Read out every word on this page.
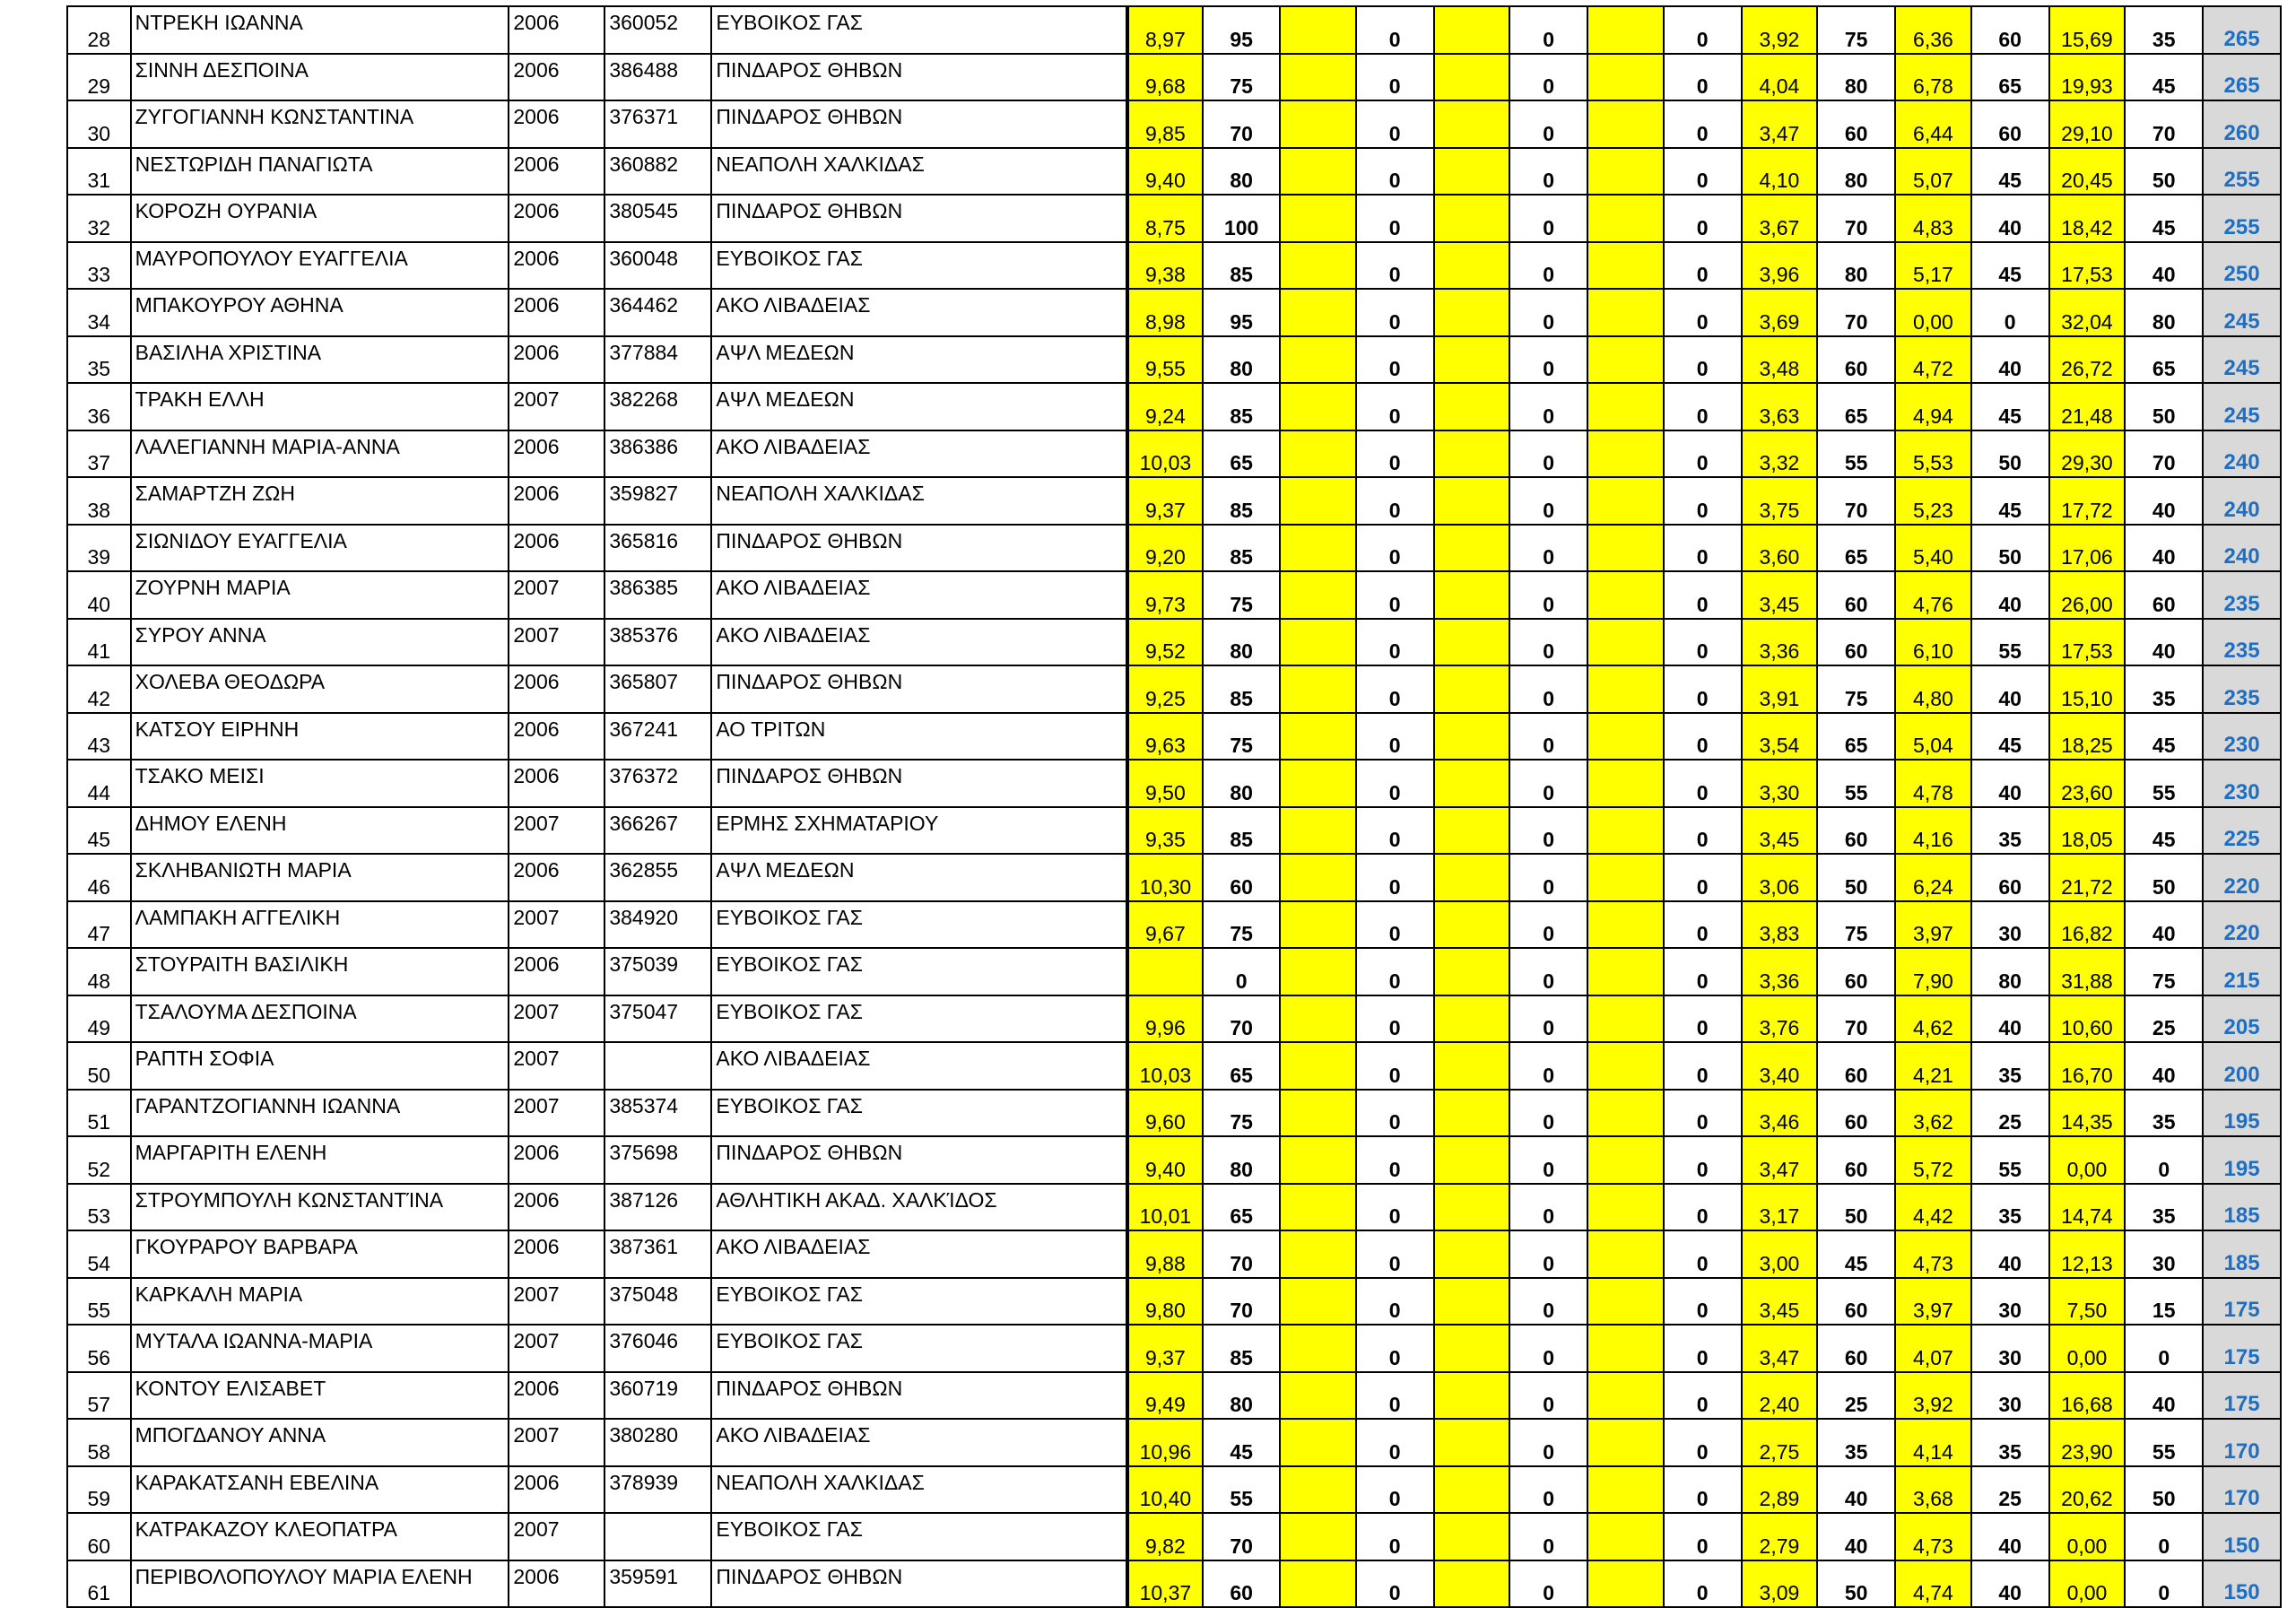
28	ΝΤΡΕΚΗ ΙΩΑΝΝΑ	2006	360052	ΕΥΒΟΙΚΟΣ ΓΑΣ	8,97	95		0		0		0	3,92	75	6,36	60	15,69	35	265
29	ΣΙΝΝΗ ΔΕΣΠΟΙΝΑ	2006	386488	ΠΙΝΔΑΡΟΣ ΘΗΒΩΝ	9,68	75		0		0		0	4,04	80	6,78	65	19,93	45	265
30	ΖΥΓΟΓΙΑΝΝΗ ΚΩΝΣΤΑΝΤΙΝΑ	2006	376371	ΠΙΝΔΑΡΟΣ ΘΗΒΩΝ	9,85	70		0		0		0	3,47	60	6,44	60	29,10	70	260
31	ΝΕΣΤΩΡΙΔΗ ΠΑΝΑΓΙΩΤΑ	2006	360882	ΝΕΑΠΟΛΗ ΧΑΛΚΙΔΑΣ	9,40	80		0		0		0	4,10	80	5,07	45	20,45	50	255
32	ΚΟΡΟΖΗ ΟΥΡΑΝΙΑ	2006	380545	ΠΙΝΔΑΡΟΣ ΘΗΒΩΝ	8,75	100		0		0		0	3,67	70	4,83	40	18,42	45	255
33	ΜΑΥΡΟΠΟΥΛΟΥ ΕΥΑΓΓΕΛΙΑ	2006	360048	ΕΥΒΟΙΚΟΣ ΓΑΣ	9,38	85		0		0		0	3,96	80	5,17	45	17,53	40	250
34	ΜΠΑΚΟΥΡΟΥ ΑΘΗΝΑ	2006	364462	ΑΚΟ ΛΙΒΑΔΕΙΑΣ	8,98	95		0		0		0	3,69	70	0,00	0	32,04	80	245
35	ΒΑΣΙΛΗΑ ΧΡΙΣΤΙΝΑ	2006	377884	ΑΨΛ ΜΕΔΕΩΝ	9,55	80		0		0		0	3,48	60	4,72	40	26,72	65	245
36	ΤΡΑΚΗ ΕΛΛΗ	2007	382268	ΑΨΛ ΜΕΔΕΩΝ	9,24	85		0		0		0	3,63	65	4,94	45	21,48	50	245
37	ΛΑΛΕΓΙΑΝΝΗ ΜΑΡΙΑ-ΑΝΝΑ	2006	386386	ΑΚΟ ΛΙΒΑΔΕΙΑΣ	10,03	65		0		0		0	3,32	55	5,53	50	29,30	70	240
38	ΣΑΜΑΡΤΖΗ ΖΩΗ	2006	359827	ΝΕΑΠΟΛΗ ΧΑΛΚΙΔΑΣ	9,37	85		0		0		0	3,75	70	5,23	45	17,72	40	240
39	ΣΙΩΝΙΔΟΥ ΕΥΑΓΓΕΛΙΑ	2006	365816	ΠΙΝΔΑΡΟΣ ΘΗΒΩΝ	9,20	85		0		0		0	3,60	65	5,40	50	17,06	40	240
40	ΖΟΥΡΝΗ ΜΑΡΙΑ	2007	386385	ΑΚΟ ΛΙΒΑΔΕΙΑΣ	9,73	75		0		0		0	3,45	60	4,76	40	26,00	60	235
41	ΣΥΡΟΥ ΑΝΝΑ	2007	385376	ΑΚΟ ΛΙΒΑΔΕΙΑΣ	9,52	80		0		0		0	3,36	60	6,10	55	17,53	40	235
42	ΧΟΛΕΒΑ ΘΕΟΔΩΡΑ	2006	365807	ΠΙΝΔΑΡΟΣ ΘΗΒΩΝ	9,25	85		0		0		0	3,91	75	4,80	40	15,10	35	235
43	ΚΑΤΣΟΥ ΕΙΡΗΝΗ	2006	367241	ΑΟ ΤΡΙΤΩΝ	9,63	75		0		0		0	3,54	65	5,04	45	18,25	45	230
44	ΤΣΑΚΟ ΜΕΙΣΙ	2006	376372	ΠΙΝΔΑΡΟΣ ΘΗΒΩΝ	9,50	80		0		0		0	3,30	55	4,78	40	23,60	55	230
45	ΔΗΜΟΥ ΕΛΕΝΗ	2007	366267	ΕΡΜΗΣ ΣΧΗΜΑΤΑΡΙΟΥ	9,35	85		0		0		0	3,45	60	4,16	35	18,05	45	225
46	ΣΚΛΗΒΑΝΙΩΤΗ ΜΑΡΙΑ	2006	362855	ΑΨΛ ΜΕΔΕΩΝ	10,30	60		0		0		0	3,06	50	6,24	60	21,72	50	220
47	ΛΑΜΠΑΚΗ ΑΓΓΕΛΙΚΗ	2007	384920	ΕΥΒΟΙΚΟΣ ΓΑΣ	9,67	75		0		0		0	3,83	75	3,97	30	16,82	40	220
48	ΣΤΟΥΡΑΙΤΗ ΒΑΣΙΛΙΚΗ	2006	375039	ΕΥΒΟΙΚΟΣ ΓΑΣ		0		0		0		0	3,36	60	7,90	80	31,88	75	215
49	ΤΣΑΛΟΥΜΑ ΔΕΣΠΟΙΝΑ	2007	375047	ΕΥΒΟΙΚΟΣ ΓΑΣ	9,96	70		0		0		0	3,76	70	4,62	40	10,60	25	205
50	ΡΑΠΤΗ ΣΟΦΙΑ	2007		ΑΚΟ ΛΙΒΑΔΕΙΑΣ	10,03	65		0		0		0	3,40	60	4,21	35	16,70	40	200
51	ΓΑΡΑΝΤΖΟΓΙΑΝΝΗ ΙΩΑΝΝΑ	2007	385374	ΕΥΒΟΙΚΟΣ ΓΑΣ	9,60	75		0		0		0	3,46	60	3,62	25	14,35	35	195
52	ΜΑΡΓΑΡΙΤΗ ΕΛΕΝΗ	2006	375698	ΠΙΝΔΑΡΟΣ ΘΗΒΩΝ	9,40	80		0		0		0	3,47	60	5,72	55	0,00	0	195
53	ΣΤΡΟΥΜΠΟΥΛΗ ΚΩΝΣΤΑΝΤΊΝΑ	2006	387126	ΑΘΛΗΤΙΚΗ ΑΚΑΔ. ΧΑΛΚΊΔΟΣ	10,01	65		0		0		0	3,17	50	4,42	35	14,74	35	185
54	ΓΚΟΥΡΑΡΟΥ ΒΑΡΒΑΡΑ	2006	387361	ΑΚΟ ΛΙΒΑΔΕΙΑΣ	9,88	70		0		0		0	3,00	45	4,73	40	12,13	30	185
55	ΚΑΡΚΑΛΗ ΜΑΡΙΑ	2007	375048	ΕΥΒΟΙΚΟΣ ΓΑΣ	9,80	70		0		0		0	3,45	60	3,97	30	7,50	15	175
56	ΜΥΤΑΛΑ ΙΩΑΝΝΑ-ΜΑΡΙΑ	2007	376046	ΕΥΒΟΙΚΟΣ ΓΑΣ	9,37	85		0		0		0	3,47	60	4,07	30	0,00	0	175
57	ΚΟΝΤΟΥ ΕΛΙΣΑΒΕΤ	2006	360719	ΠΙΝΔΑΡΟΣ ΘΗΒΩΝ	9,49	80		0		0		0	2,40	25	3,92	30	16,68	40	175
58	ΜΠΟΓΔΑΝΟΥ ΑΝΝΑ	2007	380280	ΑΚΟ ΛΙΒΑΔΕΙΑΣ	10,96	45		0		0		0	2,75	35	4,14	35	23,90	55	170
59	ΚΑΡΑΚΑΤΣΑΝΗ ΕΒΕΛΙΝΑ	2006	378939	ΝΕΑΠΟΛΗ ΧΑΛΚΙΔΑΣ	10,40	55		0		0		0	2,89	40	3,68	25	20,62	50	170
60	ΚΑΤΡΑΚΑΖΟΥ ΚΛΕΟΠΑΤΡΑ	2007		ΕΥΒΟΙΚΟΣ ΓΑΣ	9,82	70		0		0		0	2,79	40	4,73	40	0,00	0	150
61	ΠΕΡΙΒΟΛΟΠΟΥΛΟΥ ΜΑΡΙΑ ΕΛΕΝΗ	2006	359591	ΠΙΝΔΑΡΟΣ ΘΗΒΩΝ	10,37	60		0		0		0	3,09	50	4,74	40	0,00	0	150
